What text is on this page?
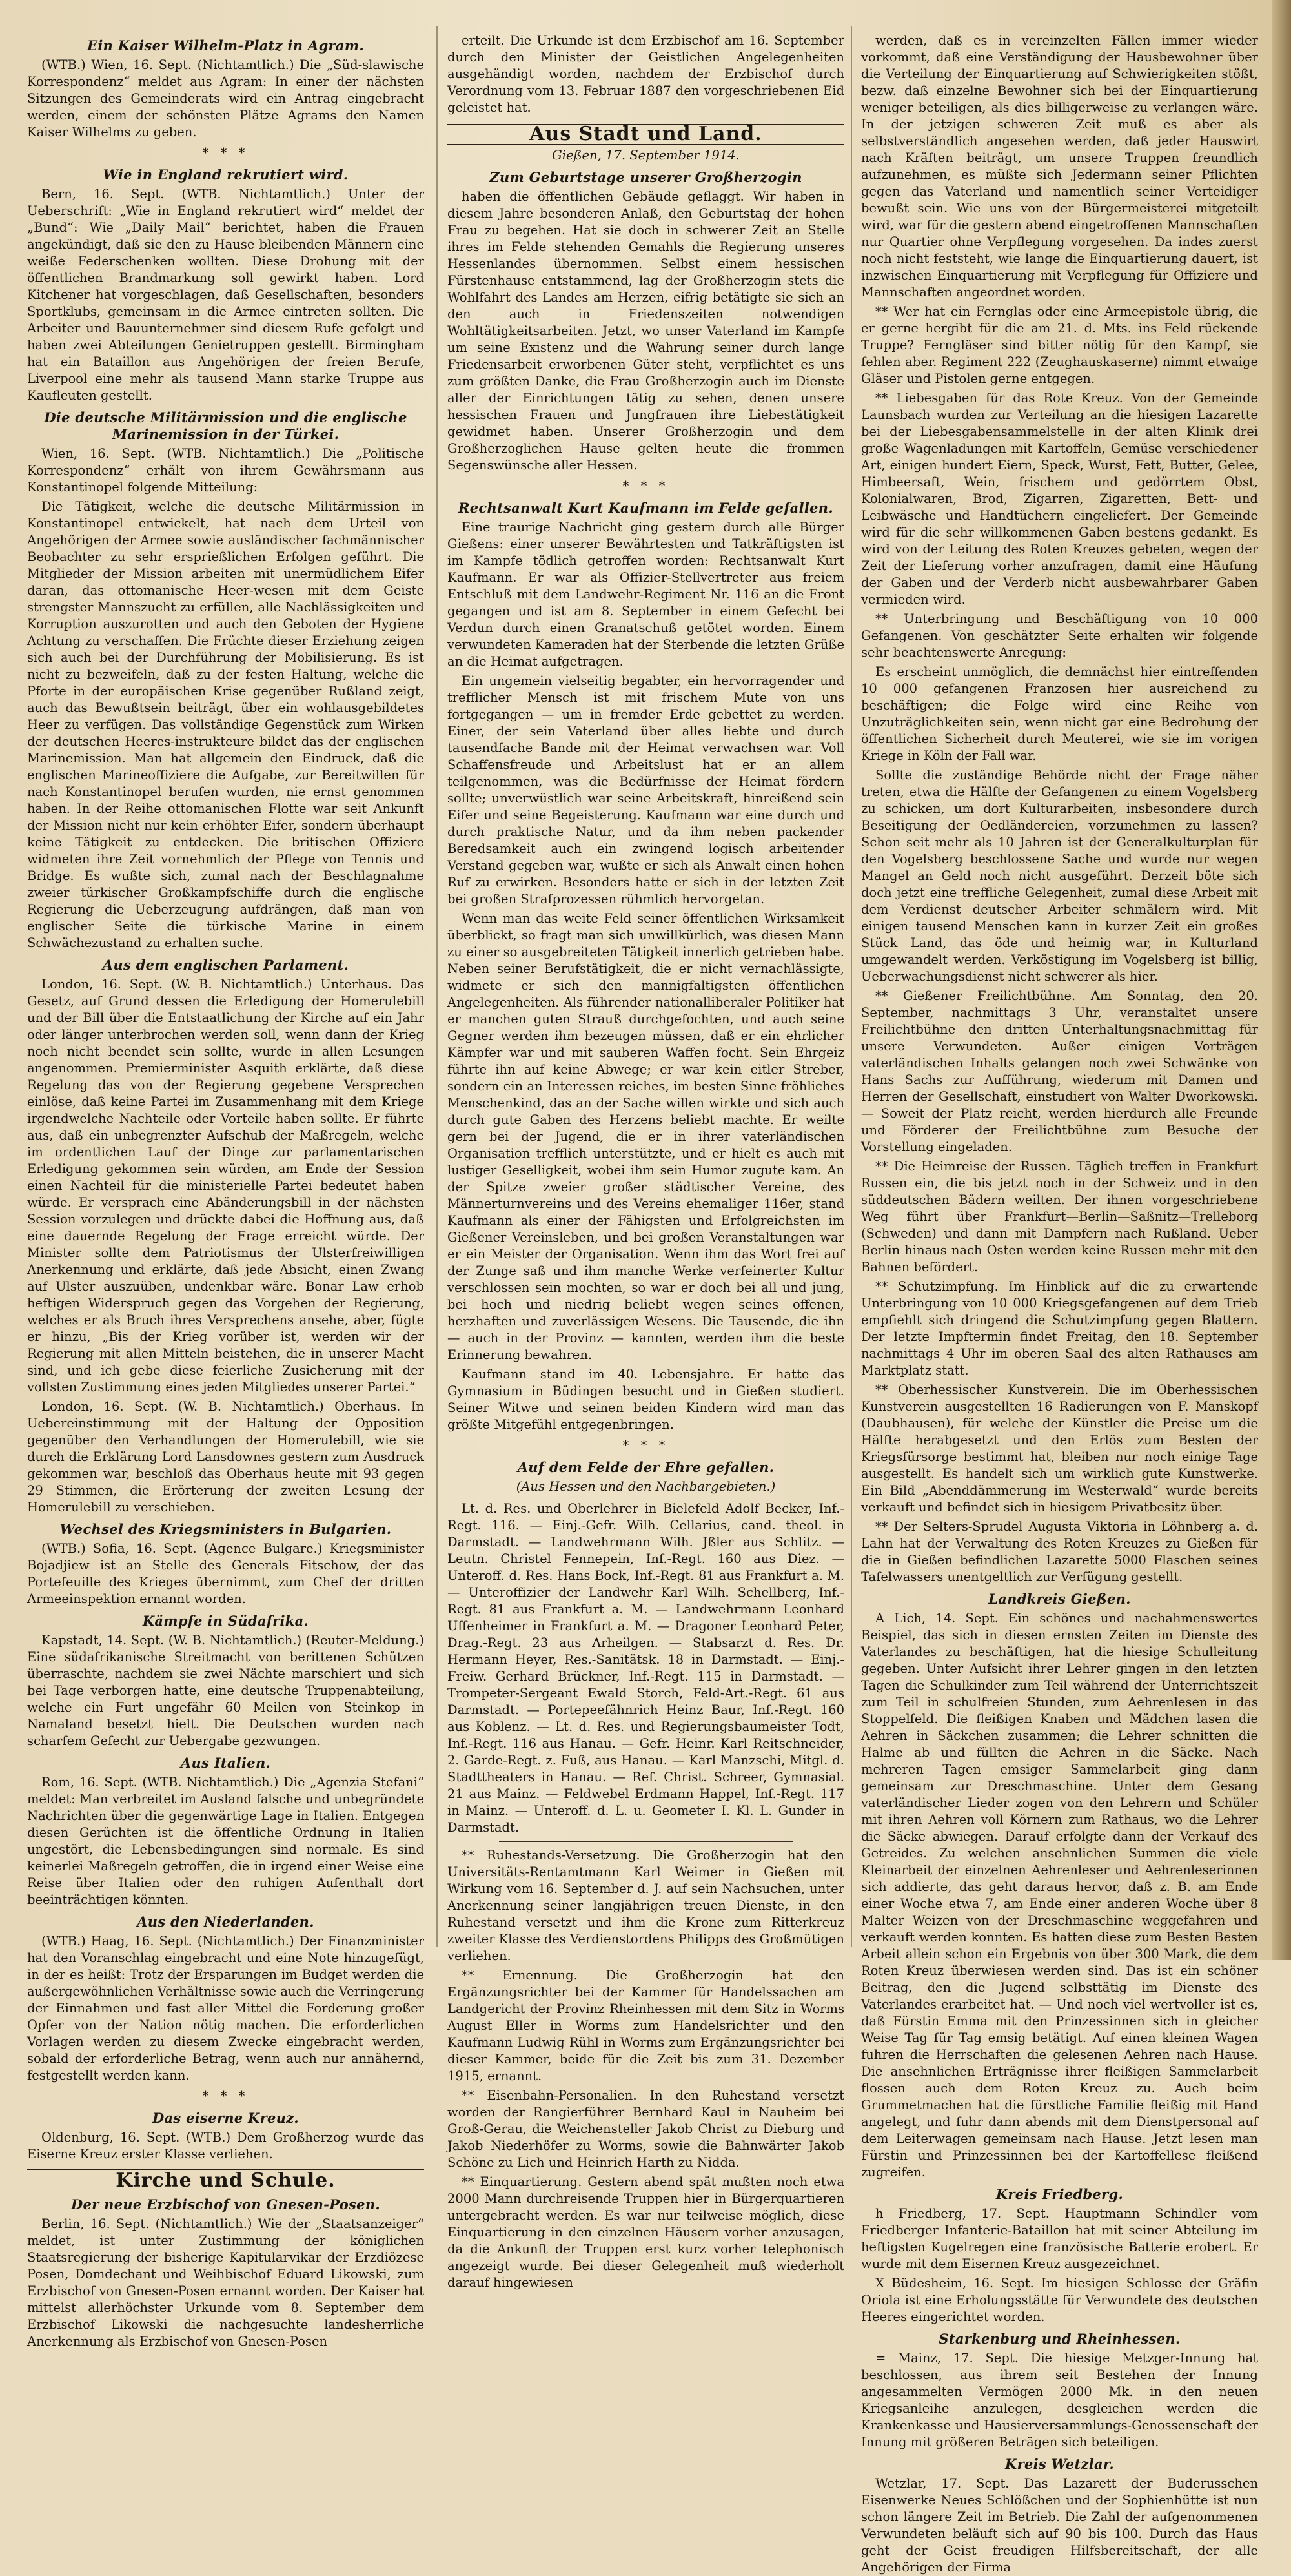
Ein Kaiser Wilhelm-Platz in Agram.

(WTB.) Wien, 16. Sept. (Nichtamtlich.) Die „Süd-slawische Korrespondenz“ meldet aus Agram: In einer der nächsten Sitzungen des Gemeinderats wird ein Antrag eingebracht werden, einem der schönsten Plätze Agrams den Namen Kaiser Wilhelms zu geben.

* * *
Wie in England rekrutiert wird.

Bern, 16. Sept. (WTB. Nichtamtlich.) Unter der Ueberschrift: „Wie in England rekrutiert wird“ meldet der „Bund“: Wie „Daily Mail“ berichtet, haben die Frauen angekündigt, daß sie den zu Hause bleibenden Männern eine weiße Federschenken wollten. Diese Drohung mit der öffentlichen Brandmarkung soll gewirkt haben. Lord Kitchener hat vorgeschlagen, daß Gesellschaften, besonders Sportklubs, gemeinsam in die Armee eintreten sollten. Die Arbeiter und Bauunternehmer sind diesem Rufe gefolgt und haben zwei Abteilungen Genietruppen gestellt. Birmingham hat ein Bataillon aus Angehörigen der freien Berufe, Liverpool eine mehr als tausend Mann starke Truppe aus Kaufleuten gestellt.

Die deutsche Militärmission und die englische Marinemission in der Türkei.

Wien, 16. Sept. (WTB. Nichtamtlich.) Die „Politische Korrespondenz“ erhält von ihrem Gewährsmann aus Konstantinopel folgende Mitteilung:

Die Tätigkeit, welche die deutsche Militärmission in Konstantinopel entwickelt, hat nach dem Urteil von Angehörigen der Armee sowie ausländischer fachmännischer Beobachter zu sehr ersprießlichen Erfolgen geführt. Die Mitglieder der Mission arbeiten mit unermüdlichem Eifer daran, das ottomanische Heer-wesen mit dem Geiste strengster Mannszucht zu erfüllen, alle Nachlässigkeiten und Korruption auszurotten und auch den Geboten der Hygiene Achtung zu verschaffen. Die Früchte dieser Erziehung zeigen sich auch bei der Durchführung der Mobilisierung. Es ist nicht zu bezweifeln, daß zu der festen Haltung, welche die Pforte in der europäischen Krise gegenüber Rußland zeigt, auch das Bewußtsein beiträgt, über ein wohlausgebildetes Heer zu verfügen. Das vollständige Gegenstück zum Wirken der deutschen Heeres-instrukteure bildet das der englischen Marinemission. Man hat allgemein den Eindruck, daß die englischen Marineoffiziere die Aufgabe, zur Bereitwillen für nach Konstantinopel berufen wurden, nie ernst genommen haben. In der Reihe ottomanischen Flotte war seit Ankunft der Mission nicht nur kein erhöhter Eifer, sondern überhaupt keine Tätigkeit zu entdecken. Die britischen Offiziere widmeten ihre Zeit vornehmlich der Pflege von Tennis und Bridge. Es wußte sich, zumal nach der Beschlagnahme zweier türkischer Großkampfschiffe durch die englische Regierung die Ueberzeugung aufdrängen, daß man von englischer Seite die türkische Marine in einem Schwächezustand zu erhalten suche.

Aus dem englischen Parlament.

London, 16. Sept. (W. B. Nichtamtlich.) Unterhaus. Das Gesetz, auf Grund dessen die Erledigung der Homerulebill und der Bill über die Entstaatlichung der Kirche auf ein Jahr oder länger unterbrochen werden soll, wenn dann der Krieg noch nicht beendet sein sollte, wurde in allen Lesungen angenommen. Premierminister Asquith erklärte, daß diese Regelung das von der Regierung gegebene Versprechen einlöse, daß keine Partei im Zusammenhang mit dem Kriege irgendwelche Nachteile oder Vorteile haben sollte. Er führte aus, daß ein unbegrenzter Aufschub der Maßregeln, welche im ordentlichen Lauf der Dinge zur parlamentarischen Erledigung gekommen sein würden, am Ende der Session einen Nachteil für die ministerielle Partei bedeutet haben würde. Er versprach eine Abänderungsbill in der nächsten Session vorzulegen und drückte dabei die Hoffnung aus, daß eine dauernde Regelung der Frage erreicht würde. Der Minister sollte dem Patriotismus der Ulsterfreiwilligen Anerkennung und erklärte, daß jede Absicht, einen Zwang auf Ulster auszuüben, undenkbar wäre. Bonar Law erhob heftigen Widerspruch gegen das Vorgehen der Regierung, welches er als Bruch ihres Versprechens ansehe, aber, fügte er hinzu, „Bis der Krieg vorüber ist, werden wir der Regierung mit allen Mitteln beistehen, die in unserer Macht sind, und ich gebe diese feierliche Zusicherung mit der vollsten Zustimmung eines jeden Mitgliedes unserer Partei.“

London, 16. Sept. (W. B. Nichtamtlich.) Oberhaus. In Uebereinstimmung mit der Haltung der Opposition gegenüber den Verhandlungen der Homerulebill, wie sie durch die Erklärung Lord Lansdownes gestern zum Ausdruck gekommen war, beschloß das Oberhaus heute mit 93 gegen 29 Stimmen, die Erörterung der zweiten Lesung der Homerulebill zu verschieben.

Wechsel des Kriegsministers in Bulgarien.

(WTB.) Sofia, 16. Sept. (Agence Bulgare.) Kriegsminister Bojadjiew ist an Stelle des Generals Fitschow, der das Portefeuille des Krieges übernimmt, zum Chef der dritten Armeeinspektion ernannt worden.

Kämpfe in Südafrika.

Kapstadt, 14. Sept. (W. B. Nichtamtlich.) (Reuter-Meldung.) Eine südafrikanische Streitmacht von berittenen Schützen überraschte, nachdem sie zwei Nächte marschiert und sich bei Tage verborgen hatte, eine deutsche Truppenabteilung, welche ein Furt ungefähr 60 Meilen von Steinkop in Namaland besetzt hielt. Die Deutschen wurden nach scharfem Gefecht zur Uebergabe gezwungen.

Aus Italien.

Rom, 16. Sept. (WTB. Nichtamtlich.) Die „Agenzia Stefani“ meldet: Man verbreitet im Ausland falsche und unbegründete Nachrichten über die gegenwärtige Lage in Italien. Entgegen diesen Gerüchten ist die öffentliche Ordnung in Italien ungestört, die Lebensbedingungen sind normale. Es sind keinerlei Maßregeln getroffen, die in irgend einer Weise eine Reise über Italien oder den ruhigen Aufenthalt dort beeinträchtigen könnten.

Aus den Niederlanden.

(WTB.) Haag, 16. Sept. (Nichtamtlich.) Der Finanzminister hat den Voranschlag eingebracht und eine Note hinzugefügt, in der es heißt: Trotz der Ersparungen im Budget werden die außergewöhnlichen Verhältnisse sowie auch die Verringerung der Einnahmen und fast aller Mittel die Forderung großer Opfer von der Nation nötig machen. Die erforderlichen Vorlagen werden zu diesem Zwecke eingebracht werden, sobald der erforderliche Betrag, wenn auch nur annähernd, festgestellt werden kann.

* * *
Das eiserne Kreuz.

Oldenburg, 16. Sept. (WTB.) Dem Großherzog wurde das Eiserne Kreuz erster Klasse verliehen.

Kirche und Schule.
Der neue Erzbischof von Gnesen-Posen.

Berlin, 16. Sept. (Nichtamtlich.) Wie der „Staatsanzeiger“ meldet, ist unter Zustimmung der königlichen Staatsregierung der bisherige Kapitularvikar der Erzdiözese Posen, Domdechant und Weihbischof Eduard Likowski, zum Erzbischof von Gnesen-Posen ernannt worden. Der Kaiser hat mittelst allerhöchster Urkunde vom 8. September dem Erzbischof Likowski die nachgesuchte landesherrliche Anerkennung als Erzbischof von Gnesen-Posen

erteilt. Die Urkunde ist dem Erzbischof am 16. September durch den Minister der Geistlichen Angelegenheiten ausgehändigt worden, nachdem der Erzbischof durch Verordnung vom 13. Februar 1887 den vorgeschriebenen Eid geleistet hat.

Aus Stadt und Land.
Gießen, 17. September 1914.
Zum Geburtstage unserer Großherzogin

haben die öffentlichen Gebäude geflaggt. Wir haben in diesem Jahre besonderen Anlaß, den Geburtstag der hohen Frau zu begehen. Hat sie doch in schwerer Zeit an Stelle ihres im Felde stehenden Gemahls die Regierung unseres Hessenlandes übernommen. Selbst einem hessischen Fürstenhause entstammend, lag der Großherzogin stets die Wohlfahrt des Landes am Herzen, eifrig betätigte sie sich an den auch in Friedenszeiten notwendigen Wohltätigkeitsarbeiten. Jetzt, wo unser Vaterland im Kampfe um seine Existenz und die Wahrung seiner durch lange Friedensarbeit erworbenen Güter steht, verpflichtet es uns zum größten Danke, die Frau Großherzogin auch im Dienste aller der Einrichtungen tätig zu sehen, denen unsere hessischen Frauen und Jungfrauen ihre Liebestätigkeit gewidmet haben. Unserer Großherzogin und dem Großherzoglichen Hause gelten heute die frommen Segenswünsche aller Hessen.

* * *
Rechtsanwalt Kurt Kaufmann im Felde gefallen.

Eine traurige Nachricht ging gestern durch alle Bürger Gießens: einer unserer Bewährtesten und Tatkräftigsten ist im Kampfe tödlich getroffen worden: Rechtsanwalt Kurt Kaufmann. Er war als Offizier-Stellvertreter aus freiem Entschluß mit dem Landwehr-Regiment Nr. 116 an die Front gegangen und ist am 8. September in einem Gefecht bei Verdun durch einen Granatschuß getötet worden. Einem verwundeten Kameraden hat der Sterbende die letzten Grüße an die Heimat aufgetragen.

Ein ungemein vielseitig begabter, ein hervorragender und trefflicher Mensch ist mit frischem Mute von uns fortgegangen — um in fremder Erde gebettet zu werden. Einer, der sein Vaterland über alles liebte und durch tausendfache Bande mit der Heimat verwachsen war. Voll Schaffensfreude und Arbeitslust hat er an allem teilgenommen, was die Bedürfnisse der Heimat fördern sollte; unverwüstlich war seine Arbeitskraft, hinreißend sein Eifer und seine Begeisterung. Kaufmann war eine durch und durch praktische Natur, und da ihm neben packender Beredsamkeit auch ein zwingend logisch arbeitender Verstand gegeben war, wußte er sich als Anwalt einen hohen Ruf zu erwirken. Besonders hatte er sich in der letzten Zeit bei großen Strafprozessen rühmlich hervorgetan.

Wenn man das weite Feld seiner öffentlichen Wirksamkeit überblickt, so fragt man sich unwillkürlich, was diesen Mann zu einer so ausgebreiteten Tätigkeit innerlich getrieben habe. Neben seiner Berufstätigkeit, die er nicht vernachlässigte, widmete er sich den mannigfaltigsten öffentlichen Angelegenheiten. Als führender nationalliberaler Politiker hat er manchen guten Strauß durchgefochten, und auch seine Gegner werden ihm bezeugen müssen, daß er ein ehrlicher Kämpfer war und mit sauberen Waffen focht. Sein Ehrgeiz führte ihn auf keine Abwege; er war kein eitler Streber, sondern ein an Interessen reiches, im besten Sinne fröhliches Menschenkind, das an der Sache willen wirkte und sich auch durch gute Gaben des Herzens beliebt machte. Er weilte gern bei der Jugend, die er in ihrer vaterländischen Organisation trefflich unterstützte, und er hielt es auch mit lustiger Geselligkeit, wobei ihm sein Humor zugute kam. An der Spitze zweier großer städtischer Vereine, des Männerturnvereins und des Vereins ehemaliger 116er, stand Kaufmann als einer der Fähigsten und Erfolgreichsten im Gießener Vereinsleben, und bei großen Veranstaltungen war er ein Meister der Organisation. Wenn ihm das Wort frei auf der Zunge saß und ihm manche Werke verfeinerter Kultur verschlossen sein mochten, so war er doch bei all und jung, bei hoch und niedrig beliebt wegen seines offenen, herzhaften und zuverlässigen Wesens. Die Tausende, die ihn — auch in der Provinz — kannten, werden ihm die beste Erinnerung bewahren.

Kaufmann stand im 40. Lebensjahre. Er hatte das Gymnasium in Büdingen besucht und in Gießen studiert. Seiner Witwe und seinen beiden Kindern wird man das größte Mitgefühl entgegenbringen.

* * *
Auf dem Felde der Ehre gefallen.
(Aus Hessen und den Nachbargebieten.)

Lt. d. Res. und Oberlehrer in Bielefeld Adolf Becker, Inf.-Regt. 116. — Einj.-Gefr. Wilh. Cellarius, cand. theol. in Darmstadt. — Landwehrmann Wilh. Jßler aus Schlitz. — Leutn. Christel Fennepein, Inf.-Regt. 160 aus Diez. — Unteroff. d. Res. Hans Bock, Inf.-Regt. 81 aus Frankfurt a. M. — Unteroffizier der Landwehr Karl Wilh. Schellberg, Inf.-Regt. 81 aus Frankfurt a. M. — Landwehrmann Leonhard Uffenheimer in Frankfurt a. M. — Dragoner Leonhard Peter, Drag.-Regt. 23 aus Arheilgen. — Stabsarzt d. Res. Dr. Hermann Heyer, Res.-Sanitätsk. 18 in Darmstadt. — Einj.-Freiw. Gerhard Brückner, Inf.-Regt. 115 in Darmstadt. — Trompeter-Sergeant Ewald Storch, Feld-Art.-Regt. 61 aus Darmstadt. — Portepeefähnrich Heinz Baur, Inf.-Regt. 160 aus Koblenz. — Lt. d. Res. und Regierungsbaumeister Todt, Inf.-Regt. 116 aus Hanau. — Gefr. Heinr. Karl Reitschneider, 2. Garde-Regt. z. Fuß, aus Hanau. — Karl Manzschi, Mitgl. d. Stadttheaters in Hanau. — Ref. Christ. Schreer, Gymnasial. 21 aus Mainz. — Feldwebel Erdmann Happel, Inf.-Regt. 117 in Mainz. — Unteroff. d. L. u. Geometer I. Kl. L. Gunder in Darmstadt.

** Ruhestands-Versetzung. Die Großherzogin hat den Universitäts-Rentamtmann Karl Weimer in Gießen mit Wirkung vom 16. September d. J. auf sein Nachsuchen, unter Anerkennung seiner langjährigen treuen Dienste, in den Ruhestand versetzt und ihm die Krone zum Ritterkreuz zweiter Klasse des Verdienstordens Philipps des Großmütigen verliehen.

** Ernennung. Die Großherzogin hat den Ergänzungsrichter bei der Kammer für Handelssachen am Landgericht der Provinz Rheinhessen mit dem Sitz in Worms August Eller in Worms zum Handelsrichter und den Kaufmann Ludwig Rühl in Worms zum Ergänzungsrichter bei dieser Kammer, beide für die Zeit bis zum 31. Dezember 1915, ernannt.

** Eisenbahn-Personalien. In den Ruhestand versetzt worden der Rangierführer Bernhard Kaul in Nauheim bei Groß-Gerau, die Weichensteller Jakob Christ zu Dieburg und Jakob Niederhöfer zu Worms, sowie die Bahnwärter Jakob Schöne zu Lich und Heinrich Harth zu Nidda.

** Einquartierung. Gestern abend spät mußten noch etwa 2000 Mann durchreisende Truppen hier in Bürgerquartieren untergebracht werden. Es war nur teilweise möglich, diese Einquartierung in den einzelnen Häusern vorher anzusagen, da die Ankunft der Truppen erst kurz vorher telephonisch angezeigt wurde. Bei dieser Gelegenheit muß wiederholt darauf hingewiesen

werden, daß es in vereinzelten Fällen immer wieder vorkommt, daß eine Verständigung der Hausbewohner über die Verteilung der Einquartierung auf Schwierigkeiten stößt, bezw. daß einzelne Bewohner sich bei der Einquartierung weniger beteiligen, als dies billigerweise zu verlangen wäre. In der jetzigen schweren Zeit muß es aber als selbstverständlich angesehen werden, daß jeder Hauswirt nach Kräften beiträgt, um unsere Truppen freundlich aufzunehmen, es müßte sich Jedermann seiner Pflichten gegen das Vaterland und namentlich seiner Verteidiger bewußt sein. Wie uns von der Bürgermeisterei mitgeteilt wird, war für die gestern abend eingetroffenen Mannschaften nur Quartier ohne Verpflegung vorgesehen. Da indes zuerst noch nicht feststeht, wie lange die Einquartierung dauert, ist inzwischen Einquartierung mit Verpflegung für Offiziere und Mannschaften angeordnet worden.

** Wer hat ein Fernglas oder eine Armeepistole übrig, die er gerne hergibt für die am 21. d. Mts. ins Feld rückende Truppe? Ferngläser sind bitter nötig für den Kampf, sie fehlen aber. Regiment 222 (Zeughauskaserne) nimmt etwaige Gläser und Pistolen gerne entgegen.

** Liebesgaben für das Rote Kreuz. Von der Gemeinde Launsbach wurden zur Verteilung an die hiesigen Lazarette bei der Liebesgabensammelstelle in der alten Klinik drei große Wagenladungen mit Kartoffeln, Gemüse verschiedener Art, einigen hundert Eiern, Speck, Wurst, Fett, Butter, Gelee, Himbeersaft, Wein, frischem und gedörrtem Obst, Kolonialwaren, Brod, Zigarren, Zigaretten, Bett- und Leibwäsche und Handtüchern eingeliefert. Der Gemeinde wird für die sehr willkommenen Gaben bestens gedankt. Es wird von der Leitung des Roten Kreuzes gebeten, wegen der Zeit der Lieferung vorher anzufragen, damit eine Häufung der Gaben und der Verderb nicht ausbewahrbarer Gaben vermieden wird.

** Unterbringung und Beschäftigung von 10 000 Gefangenen. Von geschätzter Seite erhalten wir folgende sehr beachtenswerte Anregung:

Es erscheint unmöglich, die demnächst hier eintreffenden 10 000 gefangenen Franzosen hier ausreichend zu beschäftigen; die Folge wird eine Reihe von Unzuträglichkeiten sein, wenn nicht gar eine Bedrohung der öffentlichen Sicherheit durch Meuterei, wie sie im vorigen Kriege in Köln der Fall war.

Sollte die zuständige Behörde nicht der Frage näher treten, etwa die Hälfte der Gefangenen zu einem Vogelsberg zu schicken, um dort Kulturarbeiten, insbesondere durch Beseitigung der Oedländereien, vorzunehmen zu lassen? Schon seit mehr als 10 Jahren ist der Generalkulturplan für den Vogelsberg beschlossene Sache und wurde nur wegen Mangel an Geld noch nicht ausgeführt. Derzeit böte sich doch jetzt eine treffliche Gelegenheit, zumal diese Arbeit mit dem Verdienst deutscher Arbeiter schmälern wird. Mit einigen tausend Menschen kann in kurzer Zeit ein großes Stück Land, das öde und heimig war, in Kulturland umgewandelt werden. Verköstigung im Vogelsberg ist billig, Ueberwachungsdienst nicht schwerer als hier.

** Gießener Freilichtbühne. Am Sonntag, den 20. September, nachmittags 3 Uhr, veranstaltet unsere Freilichtbühne den dritten Unterhaltungsnachmittag für unsere Verwundeten. Außer einigen Vorträgen vaterländischen Inhalts gelangen noch zwei Schwänke von Hans Sachs zur Aufführung, wiederum mit Damen und Herren der Gesellschaft, einstudiert von Walter Dworkowski. — Soweit der Platz reicht, werden hierdurch alle Freunde und Förderer der Freilichtbühne zum Besuche der Vorstellung eingeladen.

** Die Heimreise der Russen. Täglich treffen in Frankfurt Russen ein, die bis jetzt noch in der Schweiz und in den süddeutschen Bädern weilten. Der ihnen vorgeschriebene Weg führt über Frankfurt—Berlin—Saßnitz—Trelleborg (Schweden) und dann mit Dampfern nach Rußland. Ueber Berlin hinaus nach Osten werden keine Russen mehr mit den Bahnen befördert.

** Schutzimpfung. Im Hinblick auf die zu erwartende Unterbringung von 10 000 Kriegsgefangenen auf dem Trieb empfiehlt sich dringend die Schutzimpfung gegen Blattern. Der letzte Impftermin findet Freitag, den 18. September nachmittags 4 Uhr im oberen Saal des alten Rathauses am Marktplatz statt.

** Oberhessischer Kunstverein. Die im Oberhessischen Kunstverein ausgestellten 16 Radierungen von F. Manskopf (Daubhausen), für welche der Künstler die Preise um die Hälfte herabgesetzt und den Erlös zum Besten der Kriegsfürsorge bestimmt hat, bleiben nur noch einige Tage ausgestellt. Es handelt sich um wirklich gute Kunstwerke. Ein Bild „Abenddämmerung im Westerwald“ wurde bereits verkauft und befindet sich in hiesigem Privatbesitz über.

** Der Selters-Sprudel Augusta Viktoria in Löhnberg a. d. Lahn hat der Verwaltung des Roten Kreuzes zu Gießen für die in Gießen befindlichen Lazarette 5000 Flaschen seines Tafelwassers unentgeltlich zur Verfügung gestellt.

Landkreis Gießen.

A Lich, 14. Sept. Ein schönes und nachahmenswertes Beispiel, das sich in diesen ernsten Zeiten im Dienste des Vaterlandes zu beschäftigen, hat die hiesige Schulleitung gegeben. Unter Aufsicht ihrer Lehrer gingen in den letzten Tagen die Schulkinder zum Teil während der Unterrichtszeit zum Teil in schulfreien Stunden, zum Aehrenlesen in das Stoppelfeld. Die fleißigen Knaben und Mädchen lasen die Aehren in Säckchen zusammen; die Lehrer schnitten die Halme ab und füllten die Aehren in die Säcke. Nach mehreren Tagen emsiger Sammelarbeit ging dann gemeinsam zur Dreschmaschine. Unter dem Gesang vaterländischer Lieder zogen von den Lehrern und Schüler mit ihren Aehren voll Körnern zum Rathaus, wo die Lehrer die Säcke abwiegen. Darauf erfolgte dann der Verkauf des Getreides. Zu welchen ansehnlichen Summen die viele Kleinarbeit der einzelnen Aehrenleser und Aehrenleserinnen sich addierte, das geht daraus hervor, daß z. B. am Ende einer Woche etwa 7, am Ende einer anderen Woche über 8 Malter Weizen von der Dreschmaschine weggefahren und verkauft werden konnten. Es hatten diese zum Besten Besten Arbeit allein schon ein Ergebnis von über 300 Mark, die dem Roten Kreuz überwiesen werden sind. Das ist ein schöner Beitrag, den die Jugend selbsttätig im Dienste des Vaterlandes erarbeitet hat. — Und noch viel wertvoller ist es, daß Fürstin Emma mit den Prinzessinnen sich in gleicher Weise Tag für Tag emsig betätigt. Auf einen kleinen Wagen fuhren die Herrschaften die gelesenen Aehren nach Hause. Die ansehnlichen Erträgnisse ihrer fleißigen Sammelarbeit flossen auch dem Roten Kreuz zu. Auch beim Grummetmachen hat die fürstliche Familie fleißig mit Hand angelegt, und fuhr dann abends mit dem Dienstpersonal auf dem Leiterwagen gemeinsam nach Hause. Jetzt lesen man Fürstin und Prinzessinnen bei der Kartoffellese fleißend zugreifen.

Kreis Friedberg.

h Friedberg, 17. Sept. Hauptmann Schindler vom Friedberger Infanterie-Bataillon hat mit seiner Abteilung im heftigsten Kugelregen eine französische Batterie erobert. Er wurde mit dem Eisernen Kreuz ausgezeichnet.

X Büdesheim, 16. Sept. Im hiesigen Schlosse der Gräfin Oriola ist eine Erholungsstätte für Verwundete des deutschen Heeres eingerichtet worden.

Starkenburg und Rheinhessen.

= Mainz, 17. Sept. Die hiesige Metzger-Innung hat beschlossen, aus ihrem seit Bestehen der Innung angesammelten Vermögen 2000 Mk. in den neuen Kriegsanleihe anzulegen, desgleichen werden die Krankenkasse und Hausierversammlungs-Genossenschaft der Innung mit größeren Beträgen sich beteiligen.

Kreis Wetzlar.

Wetzlar, 17. Sept. Das Lazarett der Buderusschen Eisenwerke Neues Schlößchen und der Sophienhütte ist nun schon längere Zeit im Betrieb. Die Zahl der aufgenommenen Verwundeten beläuft sich auf 90 bis 100. Durch das Haus geht der Geist freudigen Hilfsbereitschaft, der alle Angehörigen der Firma
